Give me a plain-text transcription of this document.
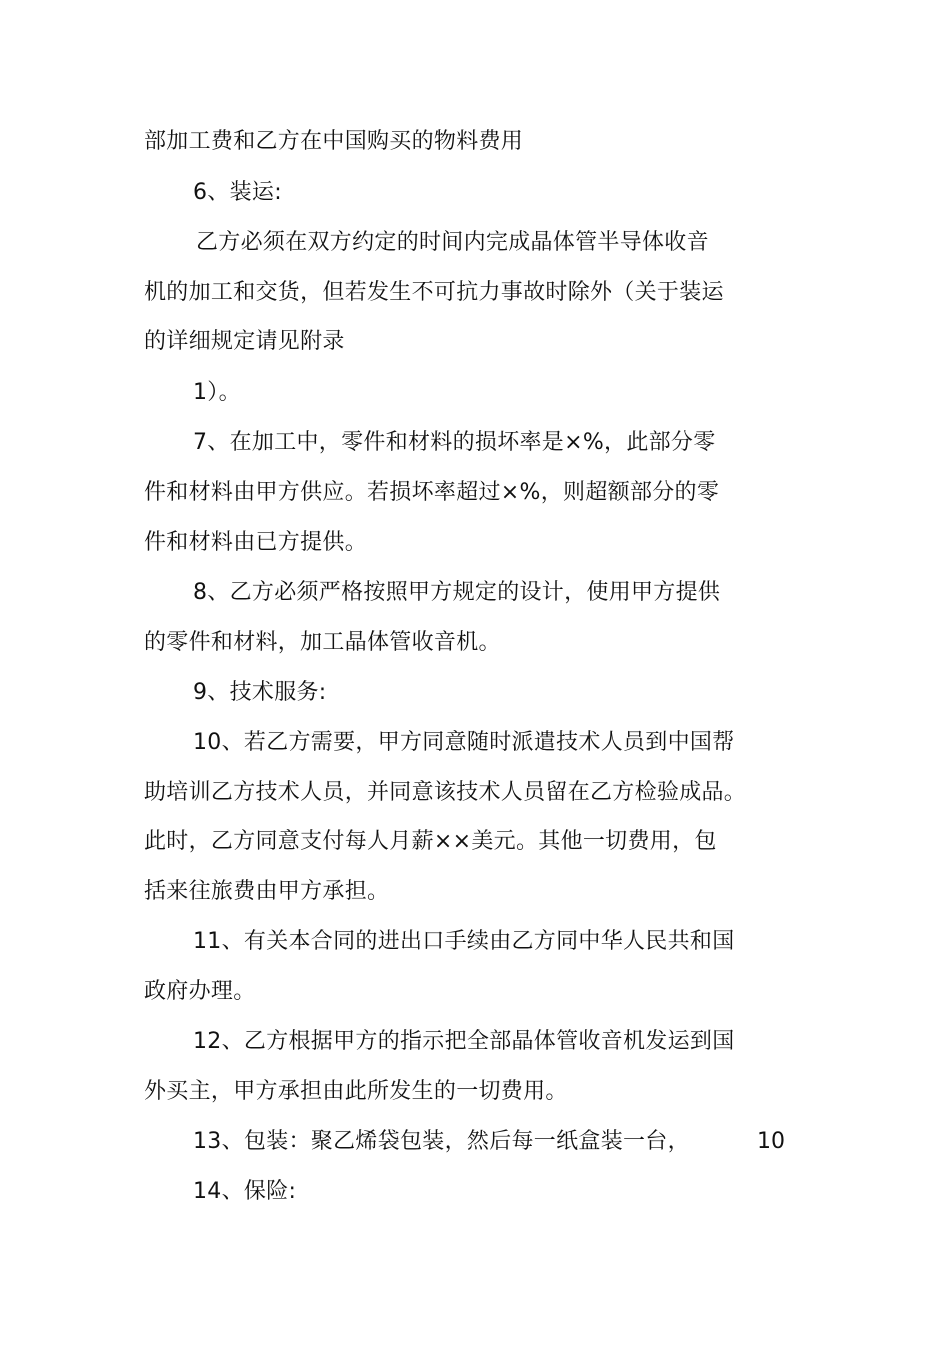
部加工费和乙方在中国购买的物料费用
6、装运:
乙方必须在双方约定的时间内完成晶体管半导体收音
机的加工和交货，但若发生不可抗力事故时除外（关于装运
的详细规定请见附录
1）。
7、在加工中，零件和材料的损坏率是×%，此部分零
件和材料由甲方供应。若损坏率超过×%，则超额部分的零
件和材料由已方提供。
8、乙方必须严格按照甲方规定的设计，使用甲方提供
的零件和材料，加工晶体管收音机。
9、技术服务:
10、若乙方需要，甲方同意随时派遣技术人员到中国帮
助培训乙方技术人员，并同意该技术人员留在乙方检验成品。
此时，乙方同意支付每人月薪××美元。其他一切费用，包
括来往旅费由甲方承担。
11、有关本合同的进出口手续由乙方同中华人民共和国
政府办理。
12、乙方根据甲方的指示把全部晶体管收音机发运到国
外买主，甲方承担由此所发生的一切费用。
13、包装：聚乙烯袋包装，然后每一纸盒装一台，	10
14、保险:
